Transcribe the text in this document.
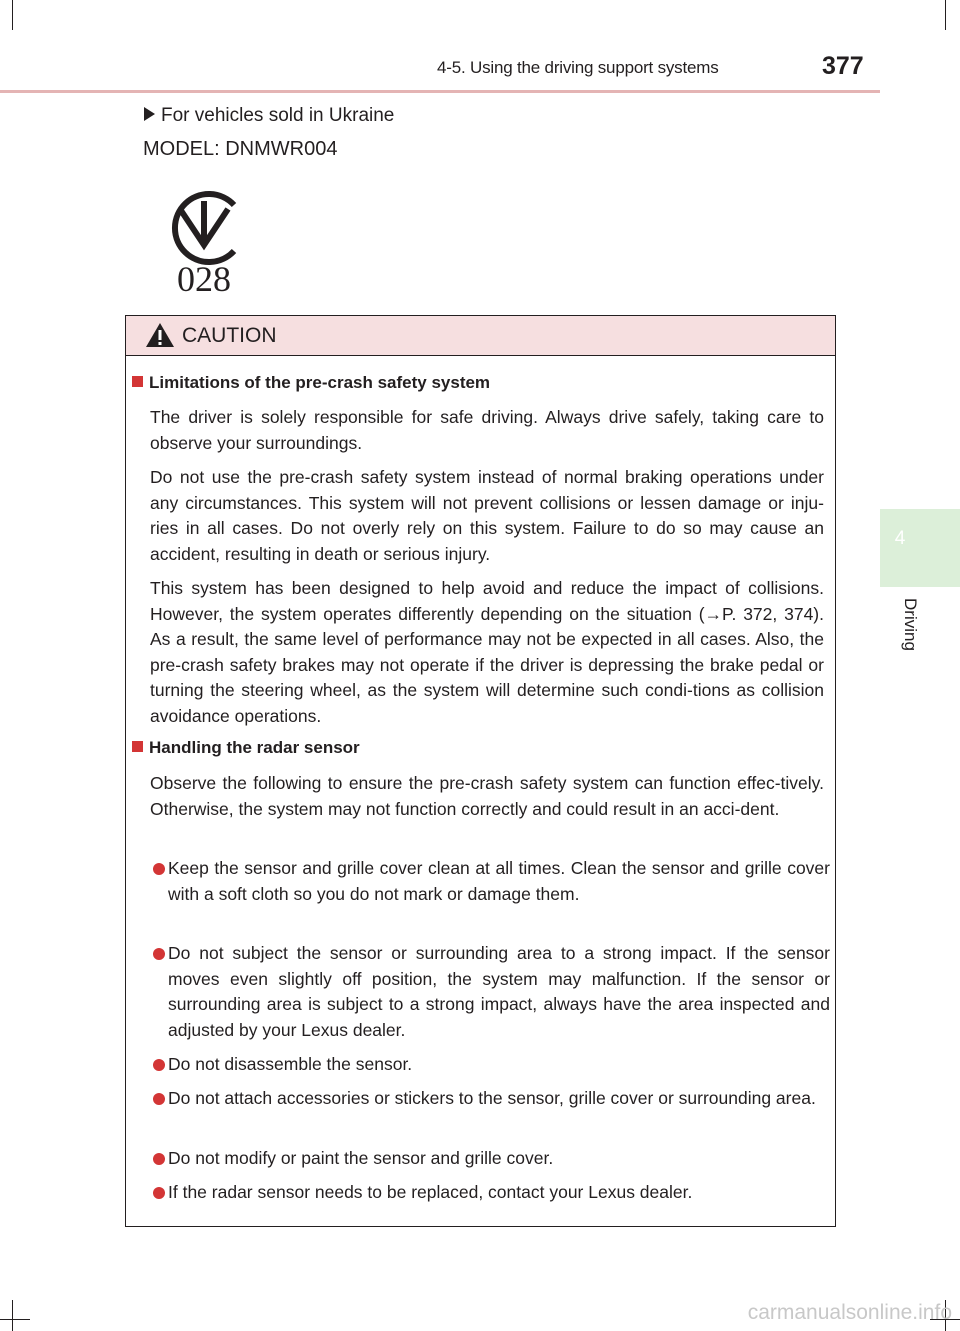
4-5. Using the driving support systems	377
4
Driving
For vehicles sold in Ukraine
MODEL: DNMWR004
028
CAUTION
Limitations of the pre-crash safety system
The driver is solely responsible for safe driving. Always drive safely, taking care to observe your surroundings.
Do not use the pre-crash safety system instead of normal braking operations under any circumstances. This system will not prevent collisions or lessen damage or inju-ries in all cases. Do not overly rely on this system. Failure to do so may cause an accident, resulting in death or serious injury.
This system has been designed to help avoid and reduce the impact of collisions. However, the system operates differently depending on the situation (→P. 372, 374). As a result, the same level of performance may not be expected in all cases. Also, the pre-crash safety brakes may not operate if the driver is depressing the brake pedal or turning the steering wheel, as the system will determine such condi-tions as collision avoidance operations.
Handling the radar sensor
Observe the following to ensure the pre-crash safety system can function effec-tively. Otherwise, the system may not function correctly and could result in an acci-dent.
Keep the sensor and grille cover clean at all times. Clean the sensor and grille cover with a soft cloth so you do not mark or damage them.
Do not subject the sensor or surrounding area to a strong impact. If the sensor moves even slightly off position, the system may malfunction. If the sensor or surrounding area is subject to a strong impact, always have the area inspected and adjusted by your Lexus dealer.
Do not disassemble the sensor.
Do not attach accessories or stickers to the sensor, grille cover or surrounding area.
Do not modify or paint the sensor and grille cover.
If the radar sensor needs to be replaced, contact your Lexus dealer.
carmanualsonline.info
